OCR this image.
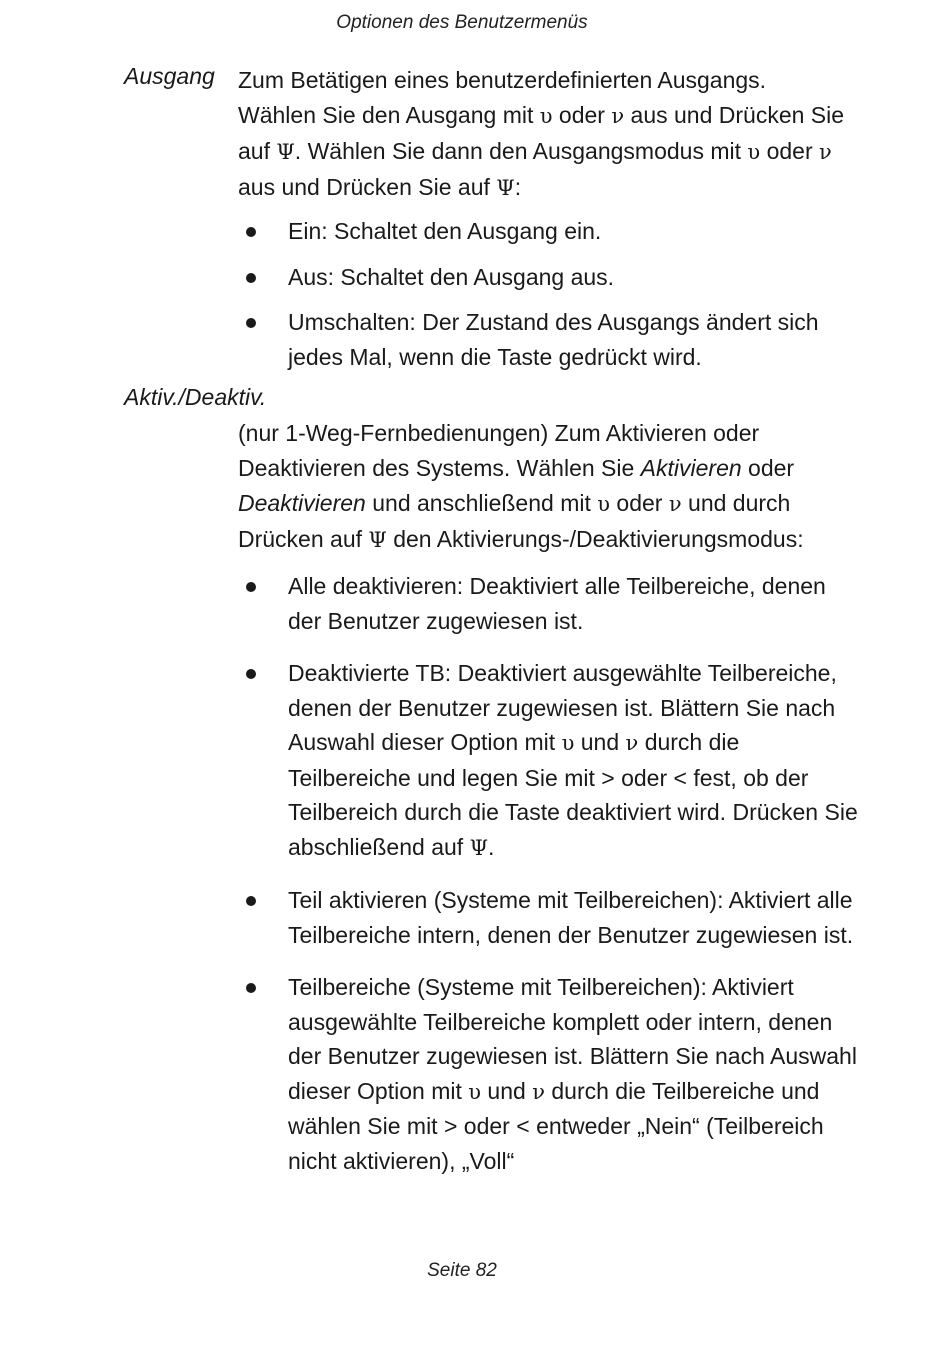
Optionen des Benutzermenüs
Ausgang Zum Betätigen eines benutzerdefinierten Ausgangs.
Wählen Sie den Ausgang mit υ oder ν aus und Drücken Sie
auf Ψ. Wählen Sie dann den Ausgangsmodus mit υ oder ν
aus und Drücken Sie auf Ψ:
Ein: Schaltet den Ausgang ein.
Aus: Schaltet den Ausgang aus.
Umschalten: Der Zustand des Ausgangs ändert sich jedes Mal, wenn die Taste gedrückt wird.
Aktiv./Deaktiv.
(nur 1-Weg-Fernbedienungen) Zum Aktivieren oder
Deaktivieren des Systems. Wählen Sie Aktivieren oder
Deaktivieren und anschließend mit υ oder ν und durch
Drücken auf Ψ den Aktivierungs-/Deaktivierungsmodus:
Alle deaktivieren: Deaktiviert alle Teilbereiche, denen der Benutzer zugewiesen ist.
Deaktivierte TB: Deaktiviert ausgewählte Teilbereiche, denen der Benutzer zugewiesen ist. Blättern Sie nach Auswahl dieser Option mit υ und ν durch die Teilbereiche und legen Sie mit > oder < fest, ob der Teilbereich durch die Taste deaktiviert wird. Drücken Sie abschließend auf Ψ.
Teil aktivieren (Systeme mit Teilbereichen): Aktiviert alle Teilbereiche intern, denen der Benutzer zugewiesen ist.
Teilbereiche (Systeme mit Teilbereichen): Aktiviert ausgewählte Teilbereiche komplett oder intern, denen der Benutzer zugewiesen ist. Blättern Sie nach Auswahl dieser Option mit υ und ν durch die Teilbereiche und wählen Sie mit > oder < entweder „Nein“ (Teilbereich nicht aktivieren), „Voll“
Seite 82
